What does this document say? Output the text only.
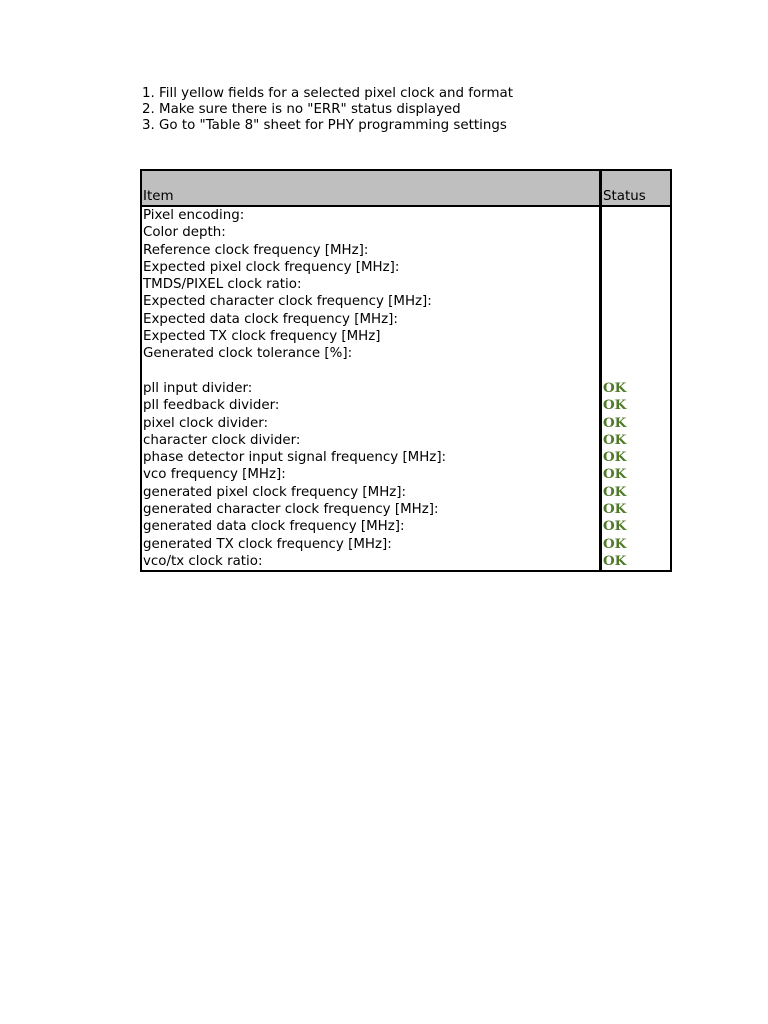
1. Fill yellow fields for a selected pixel clock and format
2. Make sure there is no "ERR" status displayed
3. Go to "Table 8" sheet for PHY programming settings
Item	Status
Pixel encoding:
Color depth:
Reference clock frequency [MHz]:
Expected pixel clock frequency [MHz]:
TMDS/PIXEL clock ratio:
Expected character clock frequency [MHz]:
Expected data clock frequency [MHz]:
Expected TX clock frequency [MHz]
Generated clock tolerance [%]:
pll input divider:	OK
pll feedback divider:	OK
pixel clock divider:	OK
character clock divider:	OK
phase detector input signal frequency [MHz]:	OK
vco frequency [MHz]:	OK
generated pixel clock frequency [MHz]:	OK
generated character clock frequency [MHz]:	OK
generated data clock frequency [MHz]:	OK
generated TX clock frequency [MHz]:	OK
vco/tx clock ratio:	OK
